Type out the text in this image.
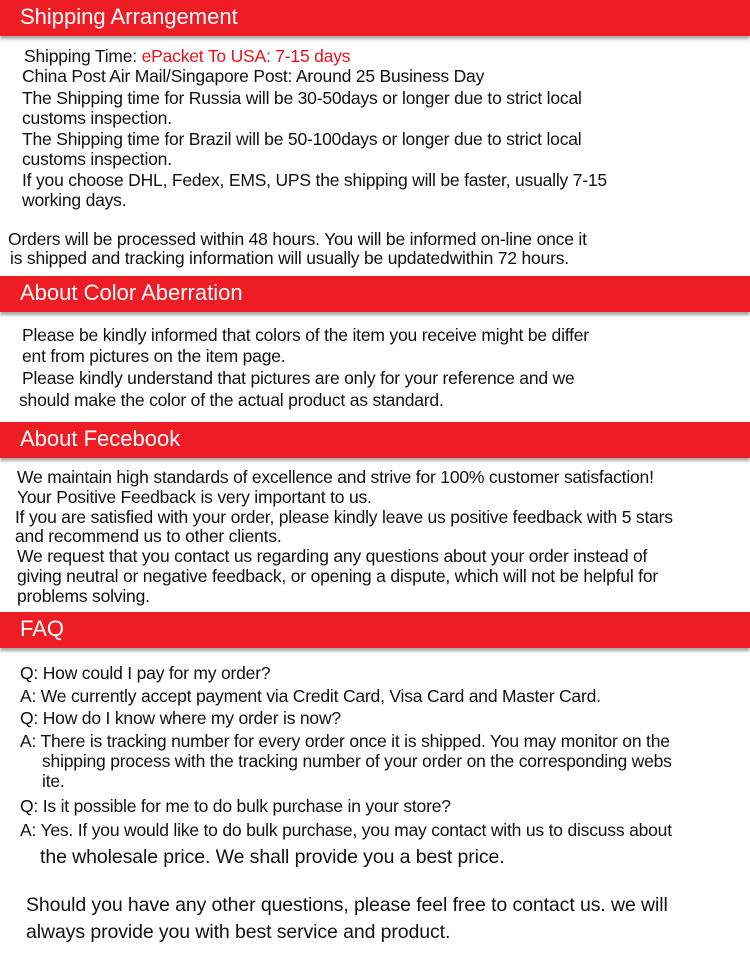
Shipping Arrangement
Shipping Time: ePacket To USA: 7-15 days
China Post Air Mail/Singapore Post: Around 25 Business Day
The Shipping time for Russia will be 30-50days or longer due to strict local
customs inspection.
The Shipping time for Brazil will be 50-100days or longer due to strict local
customs inspection.
If you choose DHL, Fedex, EMS, UPS the shipping will be faster, usually 7-15
working days.
Orders will be processed within 48 hours. You will be informed on-line once it
is shipped and tracking information will usually be updatedwithin 72 hours.
About Color Aberration
Please be kindly informed that colors of the item you receive might be differ
ent from pictures on the item page.
Please kindly understand that pictures are only for your reference and we
should make the color of the actual product as standard.
About Fecebook
We maintain high standards of excellence and strive for 100% customer satisfaction!
Your Positive Feedback is very important to us.
If you are satisfied with your order, please kindly leave us positive feedback with 5 stars
and recommend us to other clients.
We request that you contact us regarding any questions about your order instead of
giving neutral or negative feedback, or opening a dispute, which will not be helpful for
problems solving.
FAQ
Q: How could I pay for my order?
A: We currently accept payment via Credit Card, Visa Card and Master Card.
Q: How do I know where my order is now?
A: There is tracking number for every order once it is shipped. You may monitor on the
shipping process with the tracking number of your order on the corresponding webs
ite.
Q: Is it possible for me to do bulk purchase in your store?
A: Yes. If you would like to do bulk purchase, you may contact with us to discuss about
the wholesale price. We shall provide you a best price.
Should you have any other questions, please feel free to contact us. we will
always provide you with best service and product.
